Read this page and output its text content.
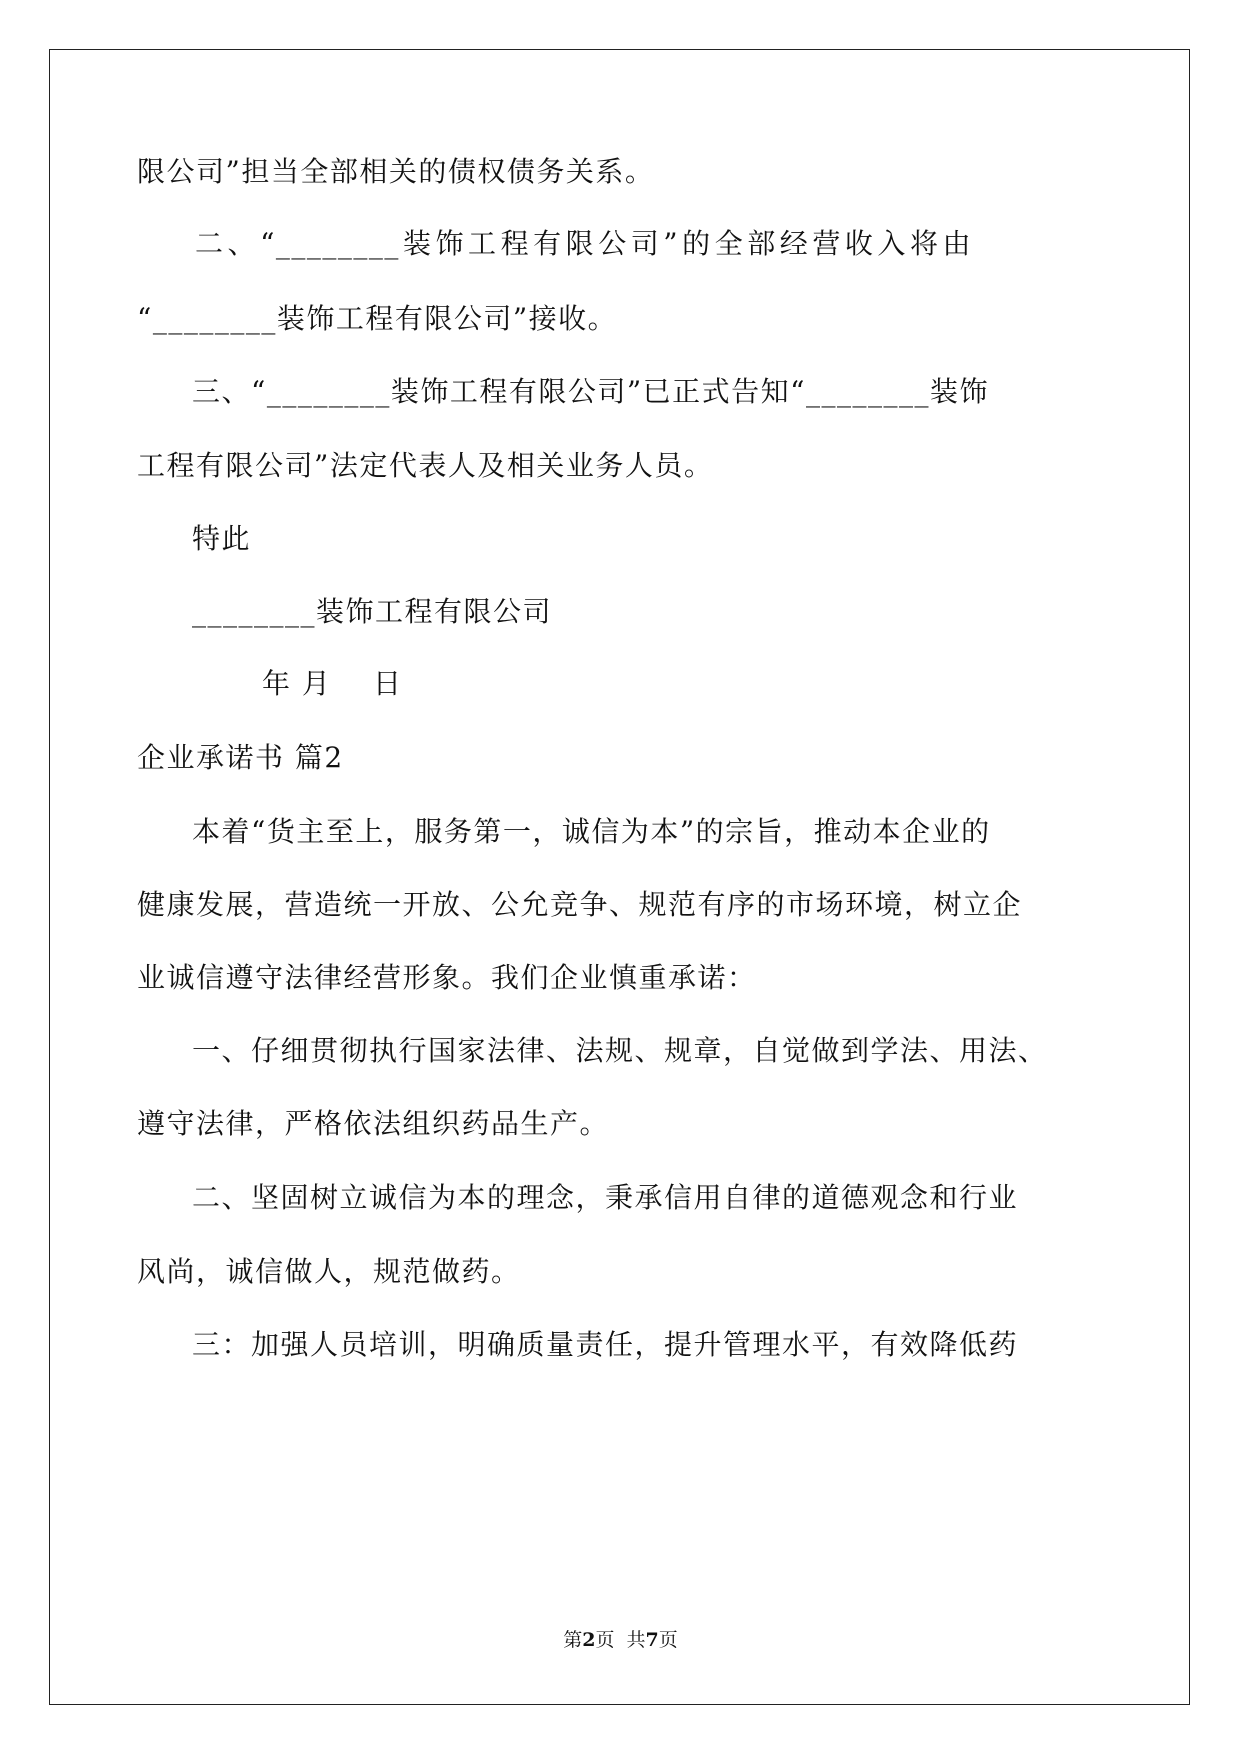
限公司”担当全部相关的债权债务关系。
二、“________装饰工程有限公司”的全部经营收入将由
“________装饰工程有限公司”接收。
三、“________装饰工程有限公司”已正式告知“________装饰
工程有限公司”法定代表人及相关业务人员。
特此
________装饰工程有限公司
年 月    日
企业承诺书 篇2
本着“货主至上，服务第一，诚信为本”的宗旨，推动本企业的
健康发展，营造统一开放、公允竞争、规范有序的市场环境，树立企
业诚信遵守法律经营形象。我们企业慎重承诺：
一、仔细贯彻执行国家法律、法规、规章，自觉做到学法、用法、
遵守法律，严格依法组织药品生产。
二、坚固树立诚信为本的理念，秉承信用自律的道德观念和行业
风尚，诚信做人，规范做药。
三：加强人员培训，明确质量责任，提升管理水平，有效降低药
第2页  共7页
